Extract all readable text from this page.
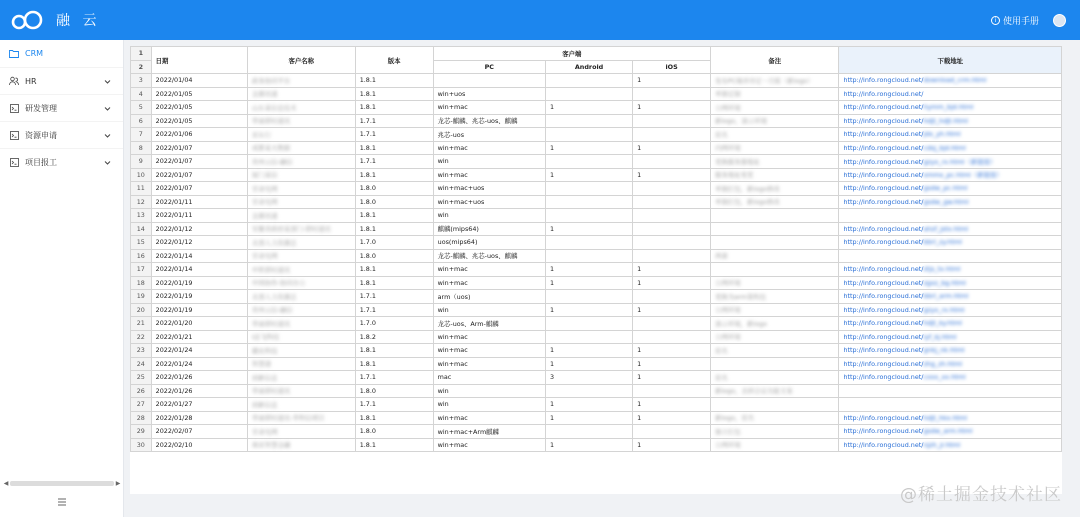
融 云	i 使用手册
CRM
HR
研发管理
资源申请
项目报工
◀	▶
1	日期	客户名称	版本	客户端			备注	下载地址
2				PC	Android	iOS		
3	2022/01/04	政务协同平台	1.8.1			1	发布PC端并待定一月版（新logo）	http://info.rongcloud.net/download_crm.html
4	2022/01/05	金源讯通	1.8.1	win+uos			单独定制	http://info.rongcloud.net/
5	2022/01/05	山东某信息技术	1.8.1	win+mac	1	1	公网环境	http://info.rongcloud.net/hymm_bjd.html
6	2022/01/05	华迪即时通讯	1.7.1	龙芯-麒麟、兆芯-uos、麒麟			新logo，演示环境	http://info.rongcloud.net/hdjt_hdjt.html
7	2022/01/06	京东行	1.7.1	兆芯-uos			原名	http://info.rongcloud.net/jdx_yh.html
8	2022/01/07	成都某大数据	1.8.1	win+mac	1	1	内网环境	http://info.rongcloud.net/cdsj_bjd.html
9	2022/01/07	贵州云信-融信	1.7.1	win			更换服务器地址	http://info.rongcloud.net/gzyx_rx.html（新链接）
10	2022/01/07	厦门某信	1.8.1	win+mac	1	1	服务地址变更	http://info.rongcloud.net/xmmx_pc.html（新链接）
11	2022/01/07	甘肃电网	1.8.0	win+mac+uos			单独打包，新logo修改	http://info.rongcloud.net/gsdw_pc.html
12	2022/01/11	甘肃电网	1.8.0	win+mac+uos			单独打包，新logo修改	http://info.rongcloud.net/gsdw_gw.html
13	2022/01/11	金源讯通	1.8.1	win				
14	2022/01/12	安徽省政府某部门-即时通讯	1.8.1	麒麟(mips64)	1			http://info.rongcloud.net/ahzf_jstx.html
15	2022/01/12	北部人力资源总	1.7.0	uos(mips64)				http://info.rongcloud.net/bbrl_zy.html
16	2022/01/14	甘肃电网	1.8.0	龙芯-麒麟、兆芯-uos、麒麟			两套	
17	2022/01/14	中铁即时通讯	1.8.1	win+mac	1	1		http://info.rongcloud.net/ztjs_tx.html
18	2022/01/19	中国协作-协同办公	1.8.1	win+mac	1	1	公网环境	http://info.rongcloud.net/zgxz_bg.html
19	2022/01/19	北部人力资源总	1.7.1	arm（uos)			更换为arm架构包	http://info.rongcloud.net/bbrl_arm.html
20	2022/01/19	贵州云信-融信	1.7.1	win	1	1	公网环境	http://info.rongcloud.net/gzyx_rx.html
21	2022/01/20	华迪即时通讯	1.7.0	龙芯-uos、Arm-麒麟			演示环境，新logo	http://info.rongcloud.net/hdjt_ky.html
22	2022/01/21	i远飞科技	1.8.2	win+mac			公网环境	http://info.rongcloud.net/iyf_kj.html
23	2022/01/24	赣农科技	1.8.1	win+mac	1	1	原名	http://info.rongcloud.net/gnkj_nk.html
24	2022/01/24	智慧港	1.8.1	win+mac	1	1		http://info.rongcloud.net/zhg_zh.html
25	2022/01/26	创新信息	1.7.1	mac	3	1	原名	http://info.rongcloud.net/cxxx_xx.html
26	2022/01/26	华迪即时通讯	1.8.0	win			新logo，去掉会议功能文案	
27	2022/01/27	创新信息	1.7.1	win	1	1		
28	2022/01/28	华迪即时通讯-华科信项目	1.8.1	win+mac	1	1	新logo，原名	http://info.rongcloud.net/hdjt_hkx.html
29	2022/02/07	甘肃电网	1.8.0	win+mac+Arm麒麟			独立打包	http://info.rongcloud.net/gsdw_arm.html
30	2022/02/10	南京智慧金融	1.8.1	win+mac	1	1	公网环境	http://info.rongcloud.net/njzh_jr.html
@稀土掘金技术社区
